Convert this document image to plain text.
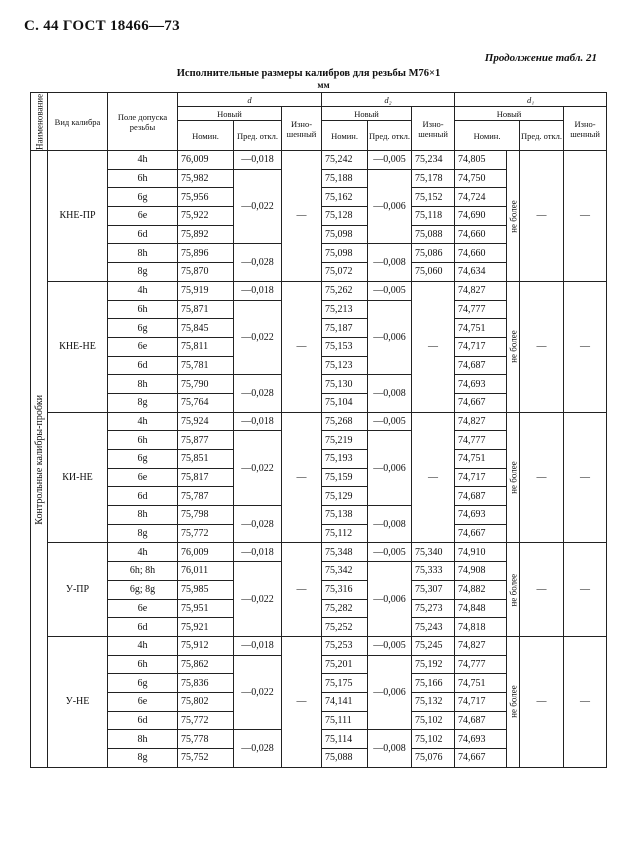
С. 44 ГОСТ 18466—73
Продолжение табл. 21
Исполнительные размеры калибров для резьбы М76×1
мм
Наименование	Вид калибра	Поле допуска резьбы	d			d₂			d₁			
			Новый		Изно-шенный	Новый		Изно-шенный	Новый			Изно-шенный
			Номин.	Пред. откл.		Номин.	Пред. откл.		Номин.		Пред. откл.	
Контрольные калибры-пробки	КНЕ-ПР	4h	76,009	—0,018	—	75,242	—0,005	75,234	74,805	не более	—	—
		6h	75,982	—0,022		75,188	—0,006	75,178	74,750			
		6g	75,956			75,162		75,152	74,724			
		6e	75,922			75,128		75,118	74,690			
		6d	75,892			75,098		75,088	74,660			
		8h	75,896	—0,028		75,098	—0,008	75,086	74,660			
		8g	75,870			75,072		75,060	74,634			
	КНЕ-НЕ	4h	75,919	—0,018	—	75,262	—0,005	—	74,827	не более	—	—
		6h	75,871	—0,022		75,213	—0,006		74,777			
		6g	75,845			75,187			74,751			
		6e	75,811			75,153			74,717			
		6d	75,781			75,123			74,687			
		8h	75,790	—0,028		75,130	—0,008		74,693			
		8g	75,764			75,104			74,667			
	КИ-НЕ	4h	75,924	—0,018	—	75,268	—0,005	—	74,827	не более	—	—
		6h	75,877	—0,022		75,219	—0,006		74,777			
		6g	75,851			75,193			74,751			
		6e	75,817			75,159			74,717			
		6d	75,787			75,129			74,687			
		8h	75,798	—0,028		75,138	—0,008		74,693			
		8g	75,772			75,112			74,667			
	У-ПР	4h	76,009	—0,018	—	75,348	—0,005	75,340	74,910	не более	—	—
		6h; 8h	76,011	—0,022		75,342	—0,006	75,333	74,908			
		6g; 8g	75,985			75,316		75,307	74,882			
		6e	75,951			75,282		75,273	74,848			
		6d	75,921			75,252		75,243	74,818			
	У-НЕ	4h	75,912	—0,018	—	75,253	—0,005	75,245	74,827	не более	—	—
		6h	75,862	—0,022		75,201	—0,006	75,192	74,777			
		6g	75,836			75,175		75,166	74,751			
		6e	75,802			74,141		75,132	74,717			
		6d	75,772			75,111		75,102	74,687			
		8h	75,778	—0,028		75,114	—0,008	75,102	74,693			
		8g	75,752			75,088		75,076	74,667			
